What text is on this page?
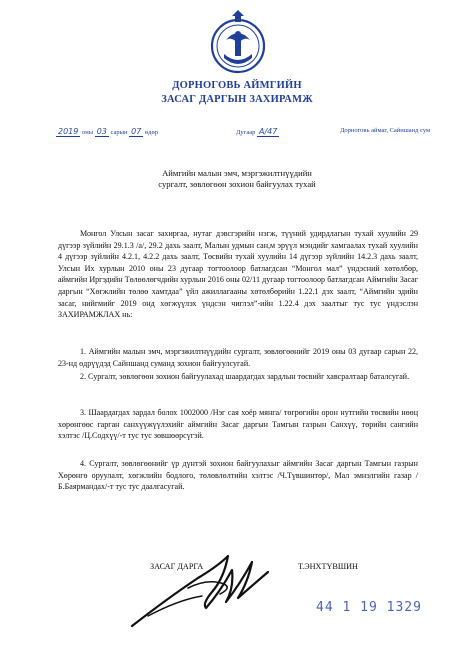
ДОРНОГОВЬ АЙМГИЙН
ЗАСАГ ДАРГЫН ЗАХИРАМЖ
2019 оны 03 сарын 07 өдөр	Дугаар А/47	Дорноговь аймаг, Сайншанд сум
Аймгийн малын эмч, мэргэжилтнүүдийн
сургалт, зөвлөгөөн зохион байгуулах тухай

Монгол Улсын засаг захиргаа, нутаг дэвсгэрийн нэгж, түүний удирдлагын тухай хуулийн 29 дүгээр зүйлийн 29.1.3 /а/, 29.2 дахь заалт, Малын удмын сан,м эрүүл мэндийг хамгаалах тухай хуулийн 4 дүгээр зүйлийн 4.2.1, 4.2.2 дахь заалт, Төсвийн тухай хуулийн 14 дүгээр зүйлийн 14.2.3 дахь заалт, Улсын Их хурлын 2010 оны 23 дугаар тогтоолоор батлагдсан “Монгол мал” үндэсний хөтөлбөр, аймгийн Иргэдийн Төлөөлөгчдийн хурлын 2016 оны 02/11 дугаар тогтоолоор батлагдсан Аймгийн Засаг даргын “Хөгжлийн төлөө хамтдаа” үйл ажиллагааны хөтөлбөрийн 1.22.1 дэх заалт, “Аймгийн эдийн засаг, нийгмийг 2019 онд хөгжүүлэх үндсэн чиглэл”-ийн 1.22.4 дэх заалтыг тус тус үндэслэн ЗАХИРАМЖЛАХ нь:

1. Аймгийн малын эмч, мэргэжилтнүүдийн сургалт, зөвлөгөөнийг 2019 оны 03 дугаар сарын 22, 23-нд өдрүүдэд Сайншанд суманд зохион байгуулсугай.

2. Сургалт, зөвлөгөөн зохион байгуулахад шаардагдах зардлын төсвийг хавсралтаар баталсугай.

3. Шаардагдах зардал болох 1002000 /Нэг сая хоёр мянга/ төгрөгийн орон нутгийн төсвийн нөөц хөрөнгөөс гарган санхүүжүүлэхийг аймгийн Засаг даргын Тамгын газрын Санхүү, төрийн сангийн хэлтэс /Ц.Содхүү/-т тус тус зөвшөөрсүгэй.

4. Сургалт, зөвлөгөөнийг үр дүнтэй зохион байгуулахыг аймгийн Засаг даргын Тамгын газрын Хөрөнгө оруулалт, хөгжлийн бодлого, төлөвлөлтийн хэлтэс /Ч.Түвшинтөр/, Мал эмнэлгийн газар /Б.Баярмандах/-т тус тус даалгасугай.

ЗАСАГ ДАРГА	Т.ЭНХТҮВШИН
44 1 19 1329
